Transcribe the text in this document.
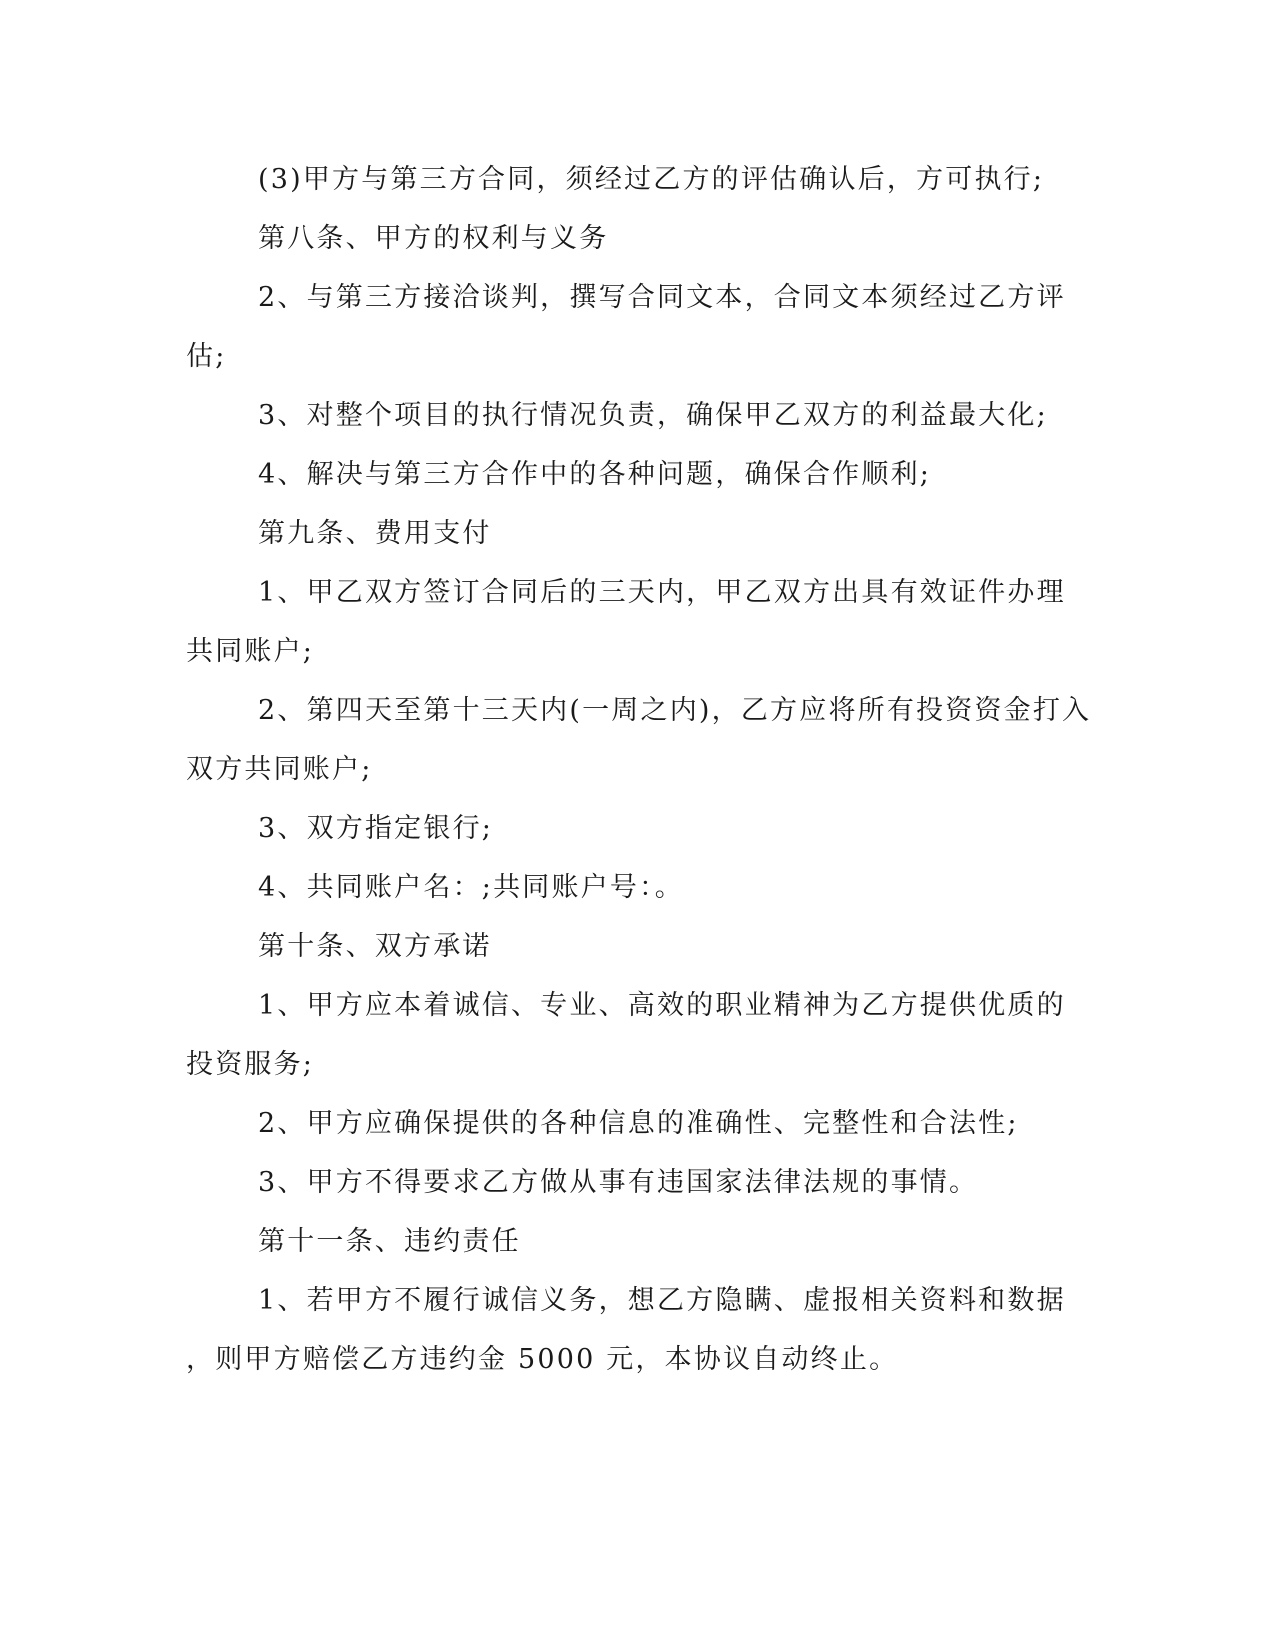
(3)甲方与第三方合同，须经过乙方的评估确认后，方可执行;
第八条、甲方的权利与义务
2、与第三方接洽谈判，撰写合同文本，合同文本须经过乙方评
估;
3、对整个项目的执行情况负责，确保甲乙双方的利益最大化;
4、解决与第三方合作中的各种问题，确保合作顺利;
第九条、费用支付
1、甲乙双方签订合同后的三天内，甲乙双方出具有效证件办理
共同账户;
2、第四天至第十三天内(一周之内)，乙方应将所有投资资金打入
双方共同账户;
3、双方指定银行;
4、共同账户名：;共同账户号：。
第十条、双方承诺
1、甲方应本着诚信、专业、高效的职业精神为乙方提供优质的
投资服务;
2、甲方应确保提供的各种信息的准确性、完整性和合法性;
3、甲方不得要求乙方做从事有违国家法律法规的事情。
第十一条、违约责任
1、若甲方不履行诚信义务，想乙方隐瞒、虚报相关资料和数据
，则甲方赔偿乙方违约金 5000 元，本协议自动终止。
